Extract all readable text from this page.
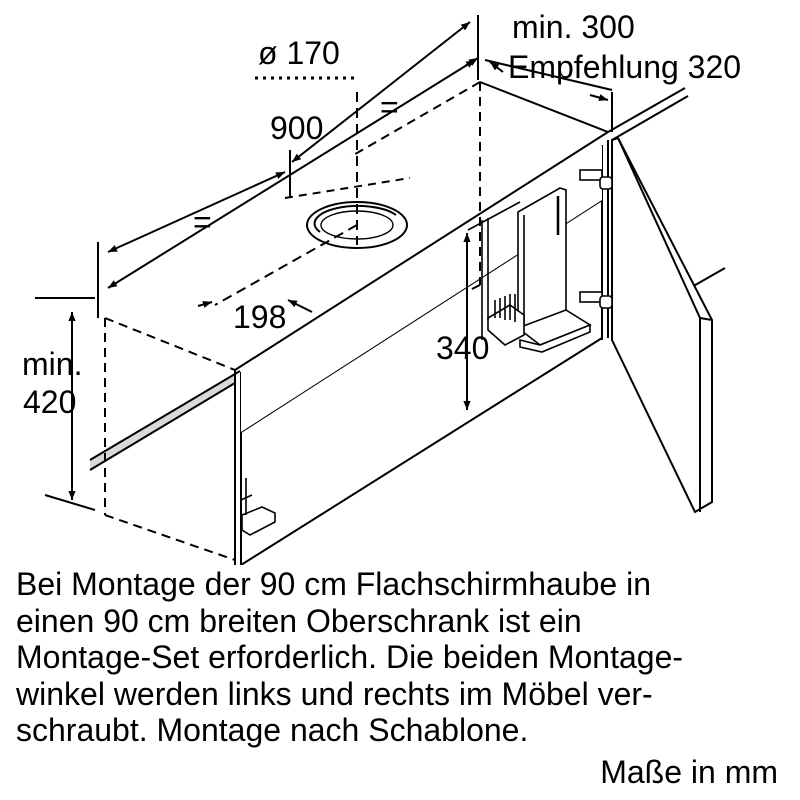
ø 170
900
=
=
min. 300
Empfehlung 320
198
340
min.
420
Bei Montage der 90 cm Flachschirmhaube in
einen 90 cm breiten Oberschrank ist ein
Montage-Set erforderlich. Die beiden Montage-
winkel werden links und rechts im Möbel ver-
schraubt. Montage nach Schablone.
Maße in mm
